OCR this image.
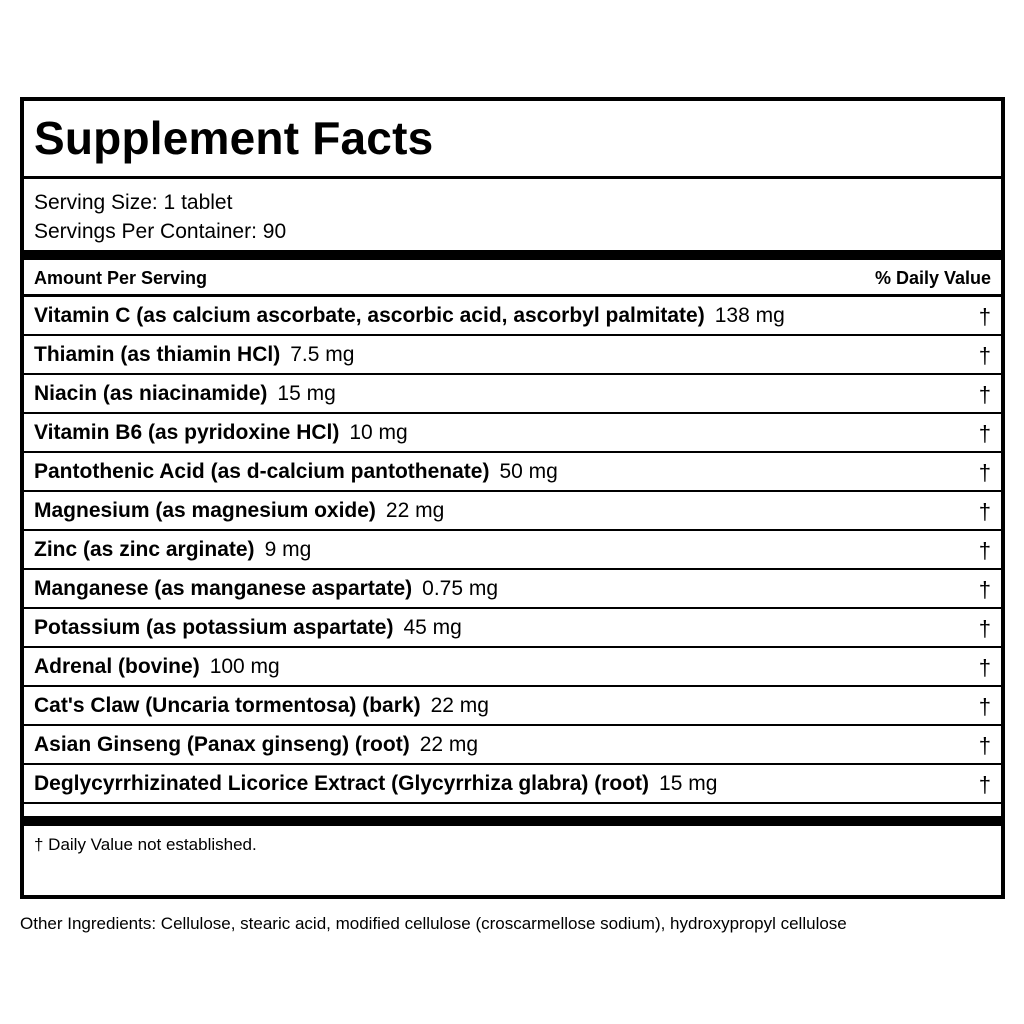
Supplement Facts
Serving Size: 1 tablet
Servings Per Container: 90
Amount Per Serving	% Daily Value
Vitamin C (as calcium ascorbate, ascorbic acid, ascorbyl palmitate) 138 mg	†
Thiamin (as thiamin HCl) 7.5 mg	†
Niacin (as niacinamide) 15 mg	†
Vitamin B6 (as pyridoxine HCl) 10 mg	†
Pantothenic Acid (as d-calcium pantothenate) 50 mg	†
Magnesium (as magnesium oxide) 22 mg	†
Zinc (as zinc arginate) 9 mg	†
Manganese (as manganese aspartate) 0.75 mg	†
Potassium (as potassium aspartate) 45 mg	†
Adrenal (bovine) 100 mg	†
Cat's Claw (Uncaria tormentosa) (bark) 22 mg	†
Asian Ginseng (Panax ginseng) (root) 22 mg	†
Deglycyrrhizinated Licorice Extract (Glycyrrhiza glabra) (root) 15 mg	†
† Daily Value not established.
Other Ingredients: Cellulose, stearic acid, modified cellulose (croscarmellose sodium), hydroxypropyl cellulose
